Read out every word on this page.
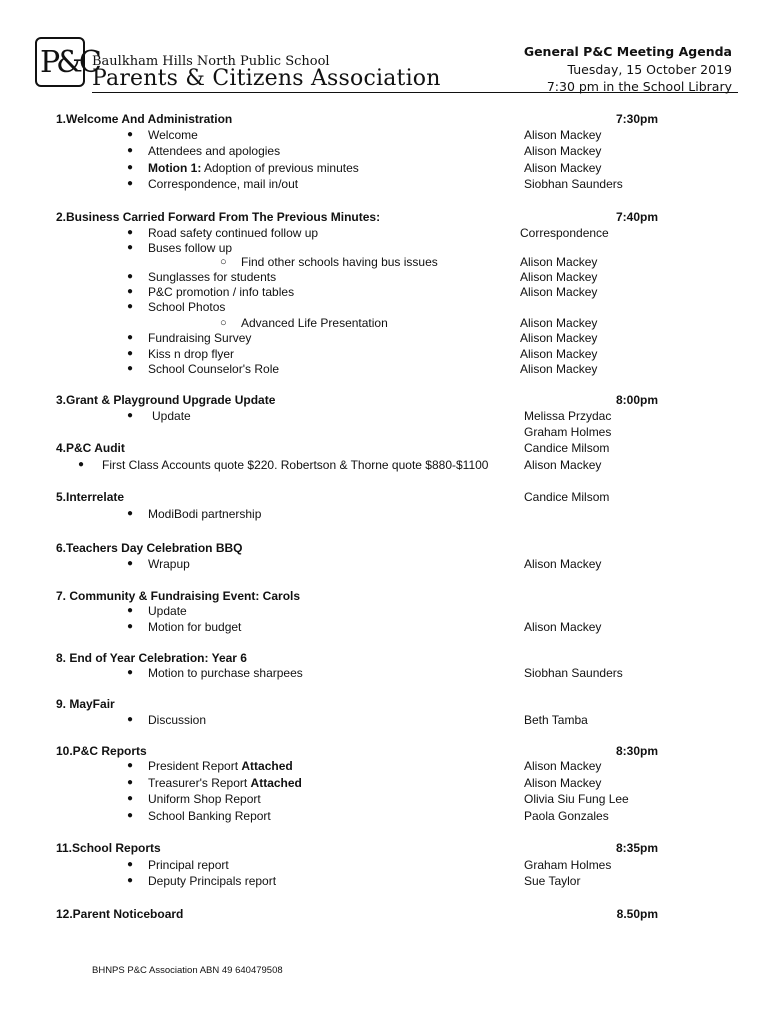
P&C
Baulkham Hills North Public School
Parents & Citizens Association
General P&C Meeting Agenda
Tuesday, 15 October 2019
7:30 pm in the School Library
1.Welcome And Administration	7:30pm
● Welcome	Alison Mackey
● Attendees and apologies	Alison Mackey
● Motion 1: Adoption of previous minutes	Alison Mackey
● Correspondence, mail in/out	Siobhan Saunders
2.Business Carried Forward From The Previous Minutes:	7:40pm
● Road safety continued follow up	Correspondence
● Buses follow up
○ Find other schools having bus issues	Alison Mackey
● Sunglasses for students	Alison Mackey
● P&C promotion / info tables	Alison Mackey
● School Photos
○ Advanced Life Presentation	Alison Mackey
● Fundraising Survey	Alison Mackey
● Kiss n drop flyer	Alison Mackey
● School Counselor's Role	Alison Mackey
3.Grant & Playground Upgrade Update	8:00pm
● Update	Melissa Przydac
Graham Holmes
4.P&C Audit	Candice Milsom
● First Class Accounts quote $220. Robertson & Thorne quote $880-$1100	Alison Mackey
5.Interrelate	Candice Milsom
● ModiBodi partnership
6.Teachers Day Celebration BBQ
● Wrapup	Alison Mackey
7. Community & Fundraising Event: Carols
● Update
● Motion for budget	Alison Mackey
8. End of Year Celebration: Year 6
● Motion to purchase sharpees	Siobhan Saunders
9. MayFair
● Discussion	Beth Tamba
10.P&C Reports	8:30pm
● President Report Attached	Alison Mackey
● Treasurer's Report Attached	Alison Mackey
● Uniform Shop Report	Olivia Siu Fung Lee
● School Banking Report	Paola Gonzales
11.School Reports	8:35pm
● Principal report	Graham Holmes
● Deputy Principals report	Sue Taylor
12.Parent Noticeboard	8.50pm
BHNPS P&C Association ABN 49 640479508
